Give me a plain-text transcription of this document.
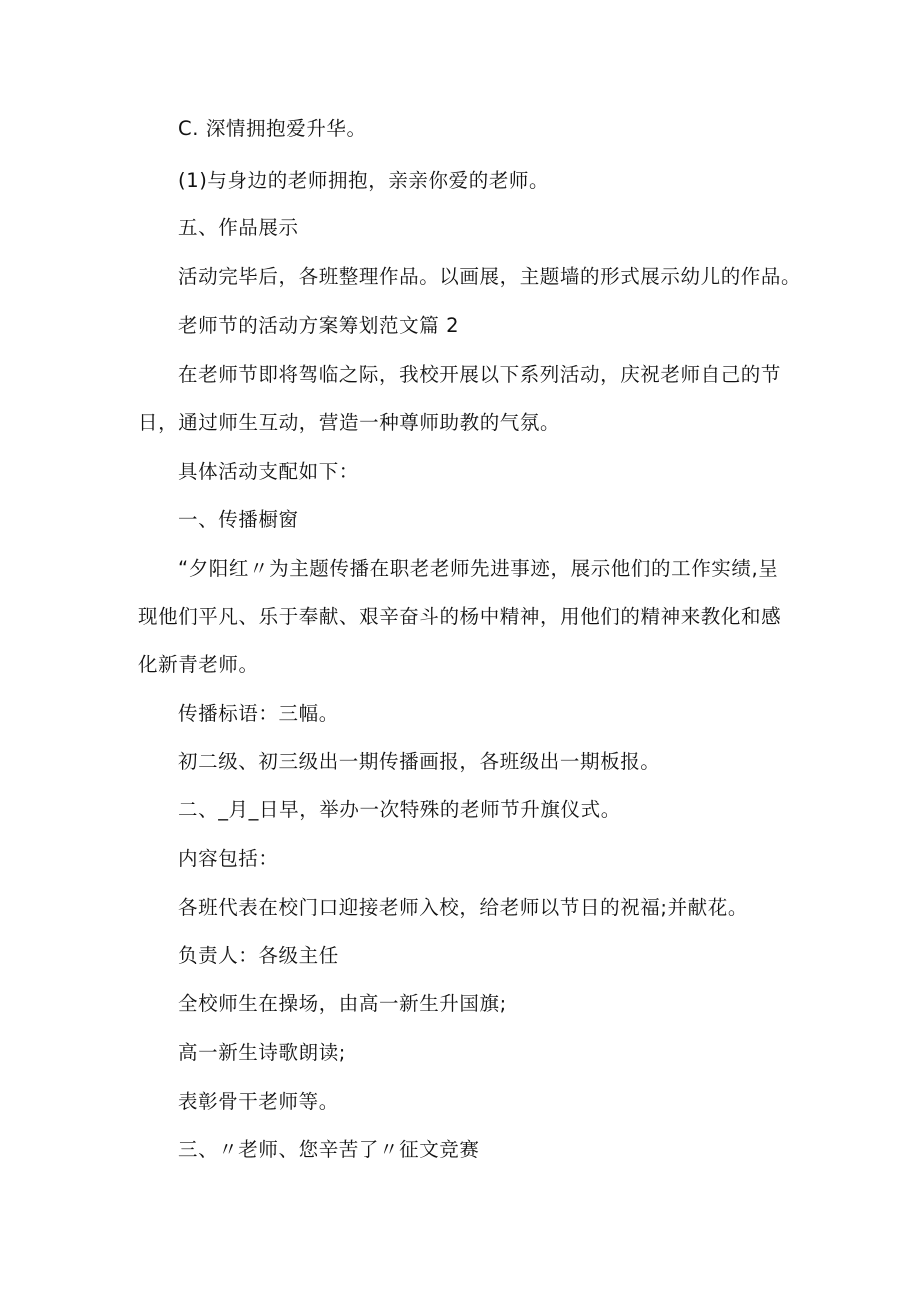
C. 深情拥抱爱升华。
(1)与身边的老师拥抱，亲亲你爱的老师。
五、作品展示
活动完毕后，各班整理作品。以画展，主题墙的形式展示幼儿的作品。
老师节的活动方案筹划范文篇 2
在老师节即将驾临之际，我校开展以下系列活动，庆祝老师自己的节
日，通过师生互动，营造一种尊师助教的气氛。
具体活动支配如下：
一、传播橱窗
“夕阳红〃为主题传播在职老老师先进事迹，展示他们的工作实绩,呈
现他们平凡、乐于奉献、艰辛奋斗的杨中精神，用他们的精神来教化和感
化新青老师。
传播标语：三幅。
初二级、初三级出一期传播画报，各班级出一期板报。
二、_月_日早，举办一次特殊的老师节升旗仪式。
内容包括：
各班代表在校门口迎接老师入校，给老师以节日的祝福;并献花。
负责人：各级主任
全校师生在操场，由高一新生升国旗;
高一新生诗歌朗读;
表彰骨干老师等。
三、〃老师、您辛苦了〃征文竞赛
